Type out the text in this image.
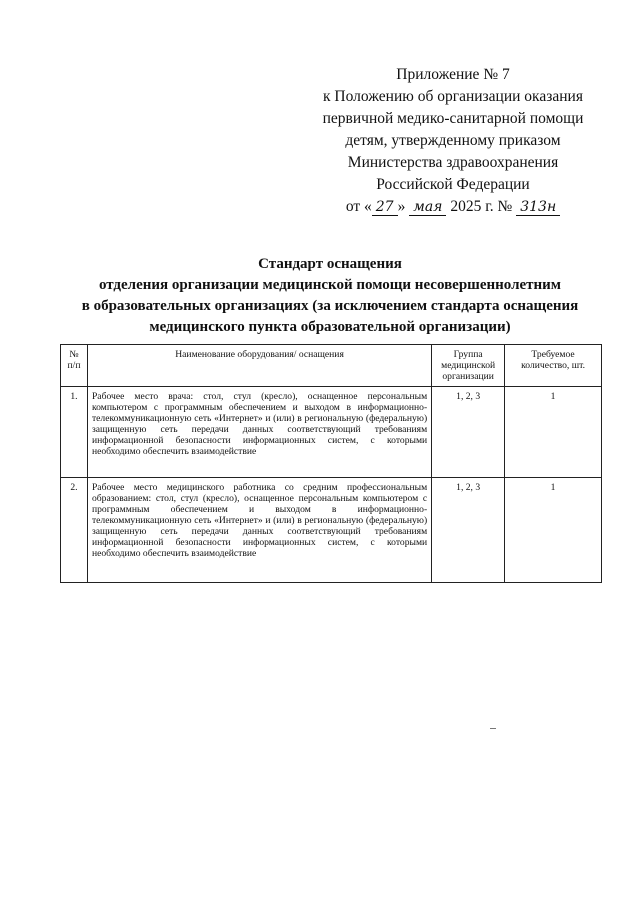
Приложение № 7
к Положению об организации оказания
первичной медико-санитарной помощи
детям, утвержденному приказом
Министерства здравоохранения
Российской Федерации
от « 27 » мая 2025 г. № 313н
Стандарт оснащения
отделения организации медицинской помощи несовершеннолетним
в образовательных организациях (за исключением стандарта оснащения
медицинского пункта образовательной организации)
№ п/п	Наименование оборудования/ оснащения	Группа медицинской организации	Требуемое количество, шт.
1.	Рабочее место врача: стол, стул (кресло), оснащенное персональным компьютером с программным обеспечением и выходом в информационно-телекоммуникационную сеть «Интернет» и (или) в региональную (федеральную) защищенную сеть передачи данных соответствующий требованиям информационной безопасности информационных систем, с которыми необходимо обеспечить взаимодействие	1, 2, 3	1
2.	Рабочее место медицинского работника со средним профессиональным образованием: стол, стул (кресло), оснащенное персональным компьютером с программным обеспечением и выходом в информационно-телекоммуникационную сеть «Интернет» и (или) в региональную (федеральную) защищенную сеть передачи данных соответствующий требованиям информационной безопасности информационных систем, с которыми необходимо обеспечить взаимодействие	1, 2, 3	1
